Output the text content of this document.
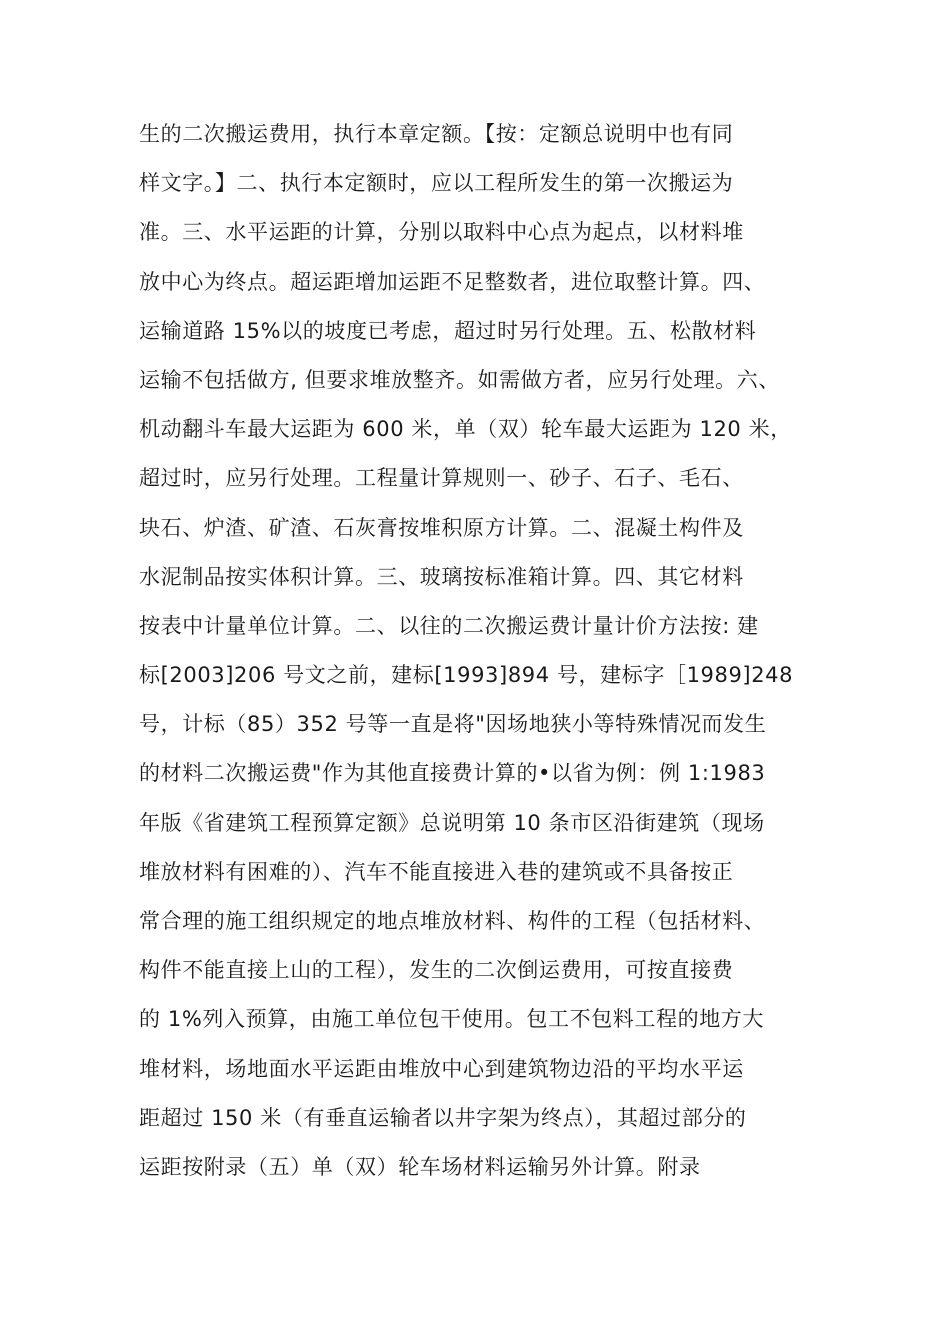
生的二次搬运费用，执行本章定额。【按：定额总说明中也有同
样文字。】二、执行本定额时，应以工程所发生的第一次搬运为
准。三、水平运距的计算，分别以取料中心点为起点，以材料堆
放中心为终点。超运距增加运距不足整数者，进位取整计算。四、
运输道路 15%以的坡度已考虑，超过时另行处理。五、松散材料
运输不包括做方, 但要求堆放整齐。如需做方者，应另行处理。六、
机动翻斗车最大运距为 600 米，单（双）轮车最大运距为 120 米，
超过时，应另行处理。工程量计算规则一、砂子、石子、毛石、
块石、炉渣、矿渣、石灰膏按堆积原方计算。二、混凝土构件及
水泥制品按实体积计算。三、玻璃按标准箱计算。四、其它材料
按表中计量单位计算。二、以往的二次搬运费计量计价方法按: 建
标[2003]206 号文之前，建标[1993]894 号，建标字［1989]248
号，计标（85）352 号等一直是将"因场地狭小等特殊情况而发生
的材料二次搬运费"作为其他直接费计算的•以省为例：例 1:1983
年版《省建筑工程预算定额》总说明第 10 条市区沿街建筑（现场
堆放材料有困难的）、汽车不能直接进入巷的建筑或不具备按正
常合理的施工组织规定的地点堆放材料、构件的工程（包括材料、
构件不能直接上山的工程），发生的二次倒运费用，可按直接费
的 1%列入预算，由施工单位包干使用。包工不包料工程的地方大
堆材料，场地面水平运距由堆放中心到建筑物边沿的平均水平运
距超过 150 米（有垂直运输者以井字架为终点），其超过部分的
运距按附录（五）单（双）轮车场材料运输另外计算。附录
